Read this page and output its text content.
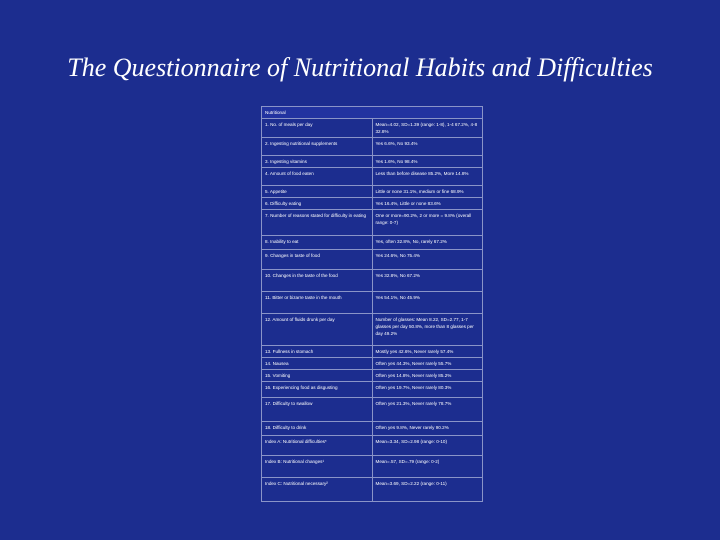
The Questionnaire of Nutritional Habits and Difficulties
Nutritional	
1. No. of meals per day	Mean=4.02, SD=1.39 (range: 1-8), 1-4 67.2%, 4-8 32.8%
2. Ingesting nutritional supplements	Yes 6.6%, No 93.4%
3. Ingesting vitamins	Yes 1.6%, No 98.4%
4. Amount of food eaten	Less than before disease 85.2%, More 14.8%
5. Appetite	Little or none 31.1%, medium or fine 68.9%
6. Difficulty eating	Yes 16.4%, Little or none 83.6%
7. Number of reasons stated for difficulty in eating	One or more=90.2%, 2 or more = 9.8% (overall range: 0-7)
8. Inability to eat	Yes, often 32.8%, No, rarely 67.2%
9. Changes in taste of food	Yes 24.6%, No 75.4%
10. Changes in the taste of the food	Yes 32.8%, No 67.2%
11. Bitter or bizarre taste in the mouth	Yes 54.1%, No 45.9%
12. Amount of fluids drunk per day	Number of glasses: Mean 8.22, SD=2.77, 1-7 glasses per day 50.8%, more than 8 glasses per day 49.2%
13. Fullness in stomach	Mostly yes 42.6%, Never rarely 57.4%
14. Nausea	Often yes 44.3%, Never rarely 55.7%
15. Vomiting	Often yes 14.8%, Never rarely 85.2%
16. Experiencing food as disgusting	Often yes 19.7%, Never rarely 80.3%
17. Difficulty to swallow	Often yes 21.3%, Never rarely 78.7%
18. Difficulty to drink	Often yes 9.8%, Never rarely 90.2%
Index A: Nutritional difficulties*	Mean=3.34, SD=2.98 (range: 0-10)
Index B: Nutritional changes¹	Mean=.57, SD=.79 (range: 0-2)
Index C: Nutritional necessary²	Mean=3.69, SD=2.22 (range: 0-11)
